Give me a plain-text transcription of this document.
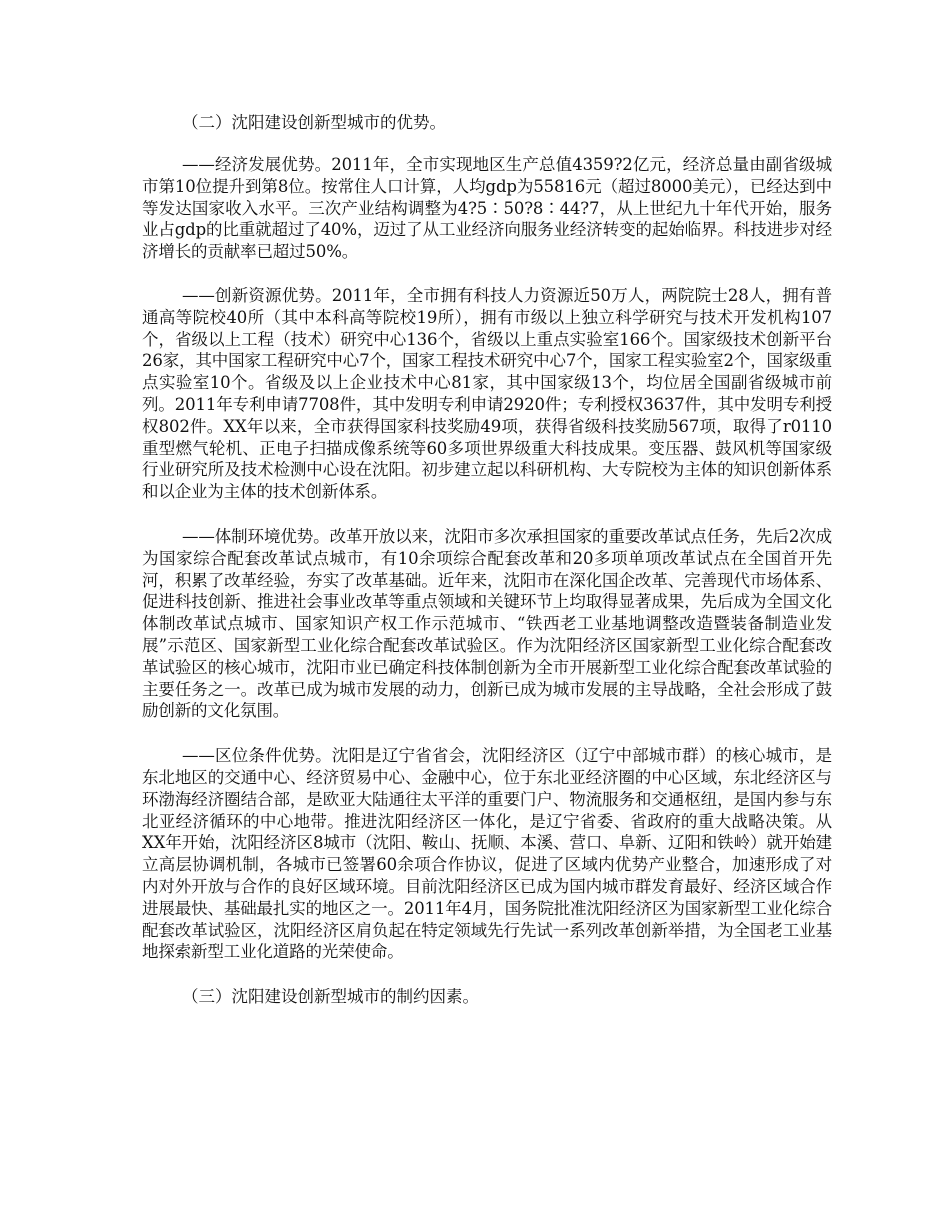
（二）沈阳建设创新型城市的优势。

——经济发展优势。2011年，全市实现地区生产总值4359?2亿元，经济总量由副省级城市第10位提升到第8位。按常住人口计算，人均gdp为55816元（超过8000美元），已经达到中等发达国家收入水平。三次产业结构调整为4?5∶50?8∶44?7，从上世纪九十年代开始，服务业占gdp的比重就超过了40%，迈过了从工业经济向服务业经济转变的起始临界。科技进步对经济增长的贡献率已超过50%。

——创新资源优势。2011年，全市拥有科技人力资源近50万人，两院院士28人，拥有普通高等院校40所（其中本科高等院校19所），拥有市级以上独立科学研究与技术开发机构107个，省级以上工程（技术）研究中心136个，省级以上重点实验室166个。国家级技术创新平台26家，其中国家工程研究中心7个，国家工程技术研究中心7个，国家工程实验室2个，国家级重点实验室10个。省级及以上企业技术中心81家，其中国家级13个，均位居全国副省级城市前列。2011年专利申请7708件，其中发明专利申请2920件；专利授权3637件，其中发明专利授权802件。XX年以来，全市获得国家科技奖励49项，获得省级科技奖励567项，取得了r0110重型燃气轮机、正电子扫描成像系统等60多项世界级重大科技成果。变压器、鼓风机等国家级行业研究所及技术检测中心设在沈阳。初步建立起以科研机构、大专院校为主体的知识创新体系和以企业为主体的技术创新体系。

——体制环境优势。改革开放以来，沈阳市多次承担国家的重要改革试点任务，先后2次成为国家综合配套改革试点城市，有10余项综合配套改革和20多项单项改革试点在全国首开先河，积累了改革经验，夯实了改革基础。近年来，沈阳市在深化国企改革、完善现代市场体系、促进科技创新、推进社会事业改革等重点领域和关键环节上均取得显著成果，先后成为全国文化体制改革试点城市、国家知识产权工作示范城市、“铁西老工业基地调整改造暨装备制造业发展”示范区、国家新型工业化综合配套改革试验区。作为沈阳经济区国家新型工业化综合配套改革试验区的核心城市，沈阳市业已确定科技体制创新为全市开展新型工业化综合配套改革试验的主要任务之一。改革已成为城市发展的动力，创新已成为城市发展的主导战略，全社会形成了鼓励创新的文化氛围。

——区位条件优势。沈阳是辽宁省省会，沈阳经济区（辽宁中部城市群）的核心城市，是东北地区的交通中心、经济贸易中心、金融中心，位于东北亚经济圈的中心区域，东北经济区与环渤海经济圈结合部，是欧亚大陆通往太平洋的重要门户、物流服务和交通枢纽，是国内参与东北亚经济循环的中心地带。推进沈阳经济区一体化，是辽宁省委、省政府的重大战略决策。从XX年开始，沈阳经济区8城市（沈阳、鞍山、抚顺、本溪、营口、阜新、辽阳和铁岭）就开始建立高层协调机制，各城市已签署60余项合作协议，促进了区域内优势产业整合，加速形成了对内对外开放与合作的良好区域环境。目前沈阳经济区已成为国内城市群发育最好、经济区域合作进展最快、基础最扎实的地区之一。2011年4月，国务院批准沈阳经济区为国家新型工业化综合配套改革试验区，沈阳经济区肩负起在特定领域先行先试一系列改革创新举措，为全国老工业基地探索新型工业化道路的光荣使命。

（三）沈阳建设创新型城市的制约因素。
